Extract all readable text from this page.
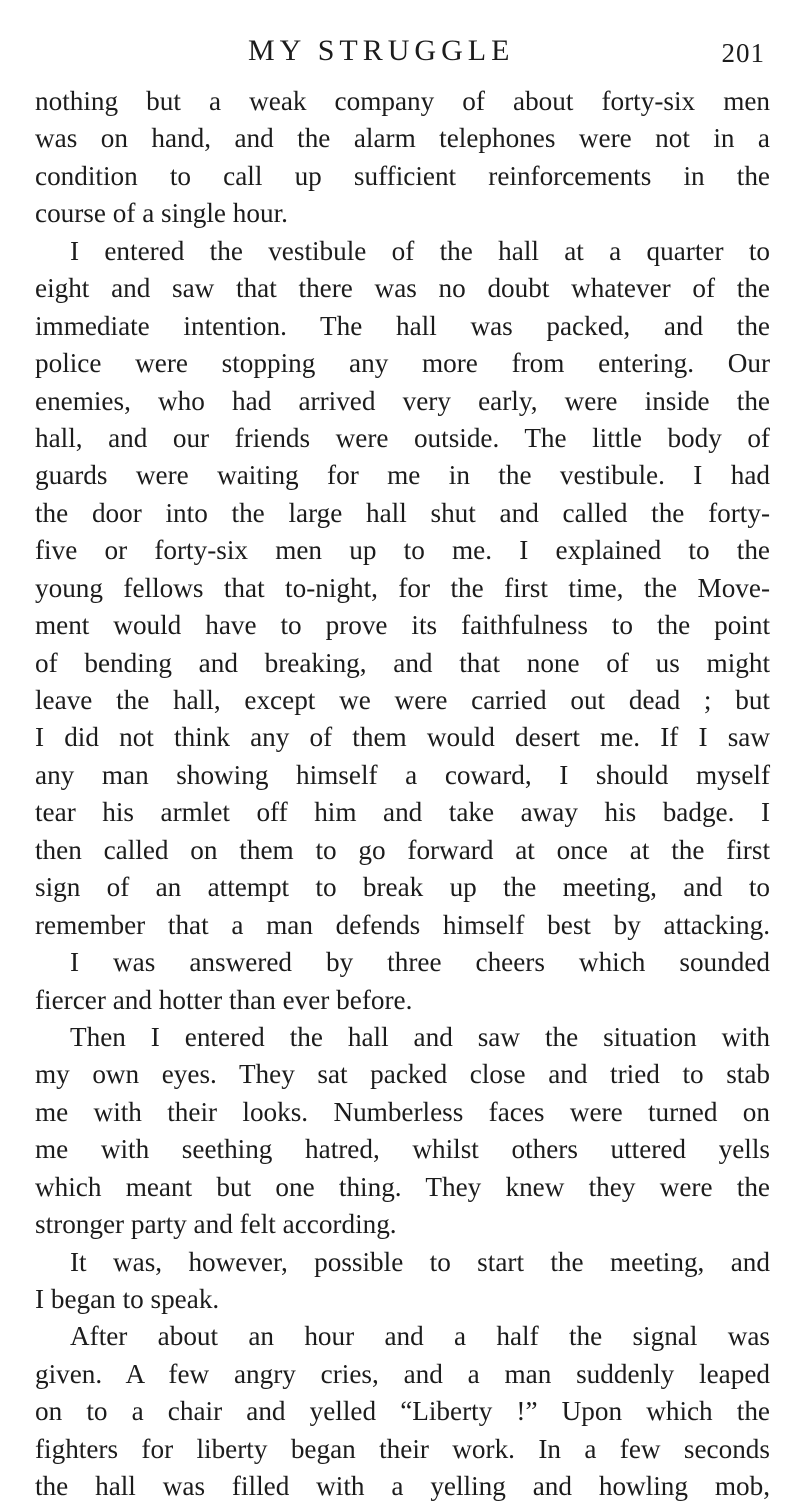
MY STRUGGLE	201
nothing but a weak company of about forty-six men
was on hand, and the alarm telephones were not in a
condition to call up sufficient reinforcements in the
course of a single hour.
I entered the vestibule of the hall at a quarter to
eight and saw that there was no doubt whatever of the
immediate intention. The hall was packed, and the
police were stopping any more from entering. Our
enemies, who had arrived very early, were inside the
hall, and our friends were outside. The little body of
guards were waiting for me in the vestibule. I had
the door into the large hall shut and called the forty-
five or forty-six men up to me. I explained to the
young fellows that to-night, for the first time, the Move-
ment would have to prove its faithfulness to the point
of bending and breaking, and that none of us might
leave the hall, except we were carried out dead ; but
I did not think any of them would desert me. If I saw
any man showing himself a coward, I should myself
tear his armlet off him and take away his badge. I
then called on them to go forward at once at the first
sign of an attempt to break up the meeting, and to
remember that a man defends himself best by attacking.
I was answered by three cheers which sounded
fiercer and hotter than ever before.
Then I entered the hall and saw the situation with
my own eyes. They sat packed close and tried to stab
me with their looks. Numberless faces were turned on
me with seething hatred, whilst others uttered yells
which meant but one thing. They knew they were the
stronger party and felt according.
It was, however, possible to start the meeting, and
I began to speak.
After about an hour and a half the signal was
given. A few angry cries, and a man suddenly leaped
on to a chair and yelled “Liberty !” Upon which the
fighters for liberty began their work. In a few seconds
the hall was filled with a yelling and howling mob,
